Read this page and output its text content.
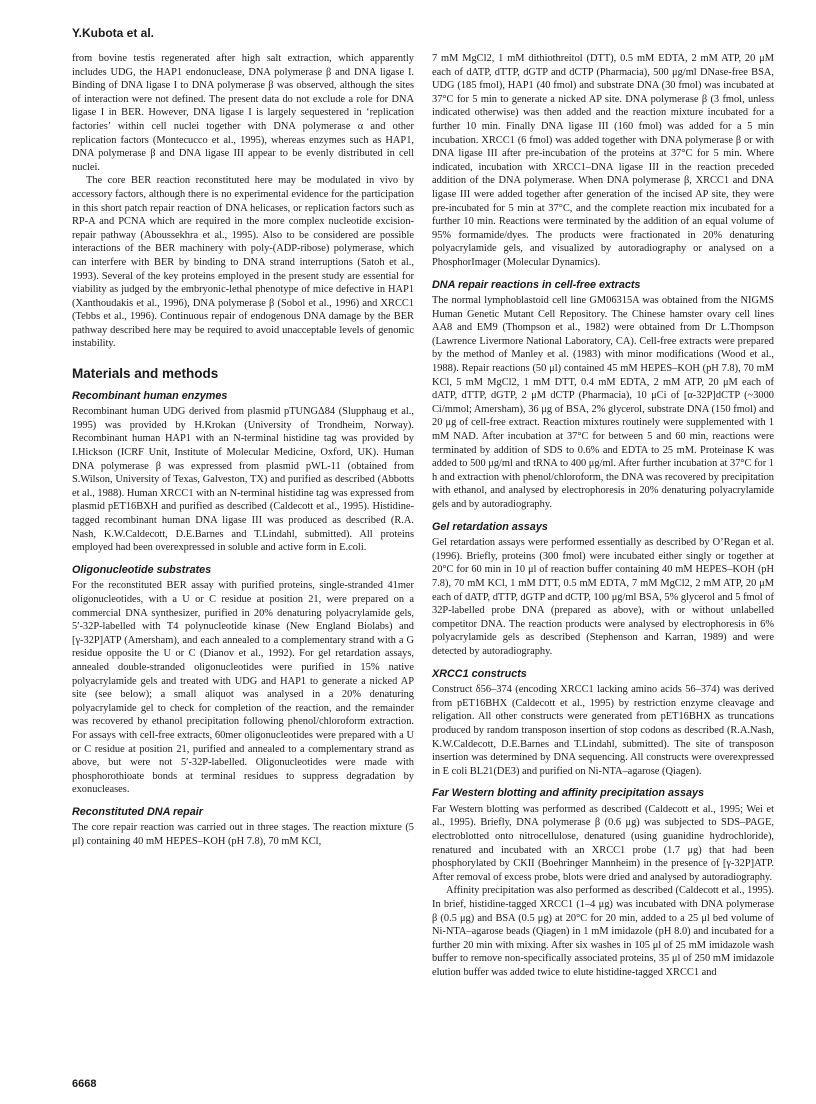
Y.Kubota et al.

from bovine testis regenerated after high salt extraction, which apparently includes UDG, the HAP1 endonuclease, DNA polymerase β and DNA ligase I. Binding of DNA ligase I to DNA polymerase β was observed, although the sites of interaction were not defined. The present data do not exclude a role for DNA ligase I in BER. However, DNA ligase I is largely sequestered in ‘replication factories’ within cell nuclei together with DNA polymerase α and other replication factors (Montecucco et al., 1995), whereas enzymes such as HAP1, DNA polymerase β and DNA ligase III appear to be evenly distributed in cell nuclei.

The core BER reaction reconstituted here may be modulated in vivo by accessory factors, although there is no experimental evidence for the participation in this short patch repair reaction of DNA helicases, or replication factors such as RP-A and PCNA which are required in the more complex nucleotide excision-repair pathway (Aboussekhra et al., 1995). Also to be considered are possible interactions of the BER machinery with poly-(ADP-ribose) polymerase, which can interfere with BER by binding to DNA strand interruptions (Satoh et al., 1993). Several of the key proteins employed in the present study are essential for viability as judged by the embryonic-lethal phenotype of mice defective in HAP1 (Xanthoudakis et al., 1996), DNA polymerase β (Sobol et al., 1996) and XRCC1 (Tebbs et al., 1996). Continuous repair of endogenous DNA damage by the BER pathway described here may be required to avoid unacceptable levels of genomic instability.

Materials and methods
Recombinant human enzymes

Recombinant human UDG derived from plasmid pTUNGΔ84 (Slupphaug et al., 1995) was provided by H.Krokan (University of Trondheim, Norway). Recombinant human HAP1 with an N-terminal histidine tag was provided by I.Hickson (ICRF Unit, Institute of Molecular Medicine, Oxford, UK). Human DNA polymerase β was expressed from plasmid pWL-11 (obtained from S.Wilson, University of Texas, Galveston, TX) and purified as described (Abbotts et al., 1988). Human XRCC1 with an N-terminal histidine tag was expressed from plasmid pET16BXH and purified as described (Caldecott et al., 1995). Histidine-tagged recombinant human DNA ligase III was produced as described (R.A. Nash, K.W.Caldecott, D.E.Barnes and T.Lindahl, submitted). All proteins employed had been overexpressed in soluble and active form in E.coli.

Oligonucleotide substrates

For the reconstituted BER assay with purified proteins, single-stranded 41mer oligonucleotides, with a U or C residue at position 21, were prepared on a commercial DNA synthesizer, purified in 20% denaturing polyacrylamide gels, 5′-32P-labelled with T4 polynucleotide kinase (New England Biolabs) and [γ-32P]ATP (Amersham), and each annealed to a complementary strand with a G residue opposite the U or C (Dianov et al., 1992). For gel retardation assays, annealed double-stranded oligonucleotides were purified in 15% native polyacrylamide gels and treated with UDG and HAP1 to generate a nicked AP site (see below); a small aliquot was analysed in a 20% denaturing polyacrylamide gel to check for completion of the reaction, and the remainder was recovered by ethanol precipitation following phenol/chloroform extraction. For assays with cell-free extracts, 60mer oligonucleotides were prepared with a U or C residue at position 21, purified and annealed to a complementary strand as above, but were not 5′-32P-labelled. Oligonucleotides were made with phosphorothioate bonds at terminal residues to suppress degradation by exonucleases.

Reconstituted DNA repair

The core repair reaction was carried out in three stages. The reaction mixture (5 μl) containing 40 mM HEPES–KOH (pH 7.8), 70 mM KCl,

7 mM MgCl2, 1 mM dithiothreitol (DTT), 0.5 mM EDTA, 2 mM ATP, 20 μM each of dATP, dTTP, dGTP and dCTP (Pharmacia), 500 μg/ml DNase-free BSA, UDG (185 fmol), HAP1 (40 fmol) and substrate DNA (30 fmol) was incubated at 37°C for 5 min to generate a nicked AP site. DNA polymerase β (3 fmol, unless indicated otherwise) was then added and the reaction mixture incubated for a further 10 min. Finally DNA ligase III (160 fmol) was added for a 5 min incubation. XRCC1 (6 fmol) was added together with DNA polymerase β or with DNA ligase III after pre-incubation of the proteins at 37°C for 5 min. Where indicated, incubation with XRCC1–DNA ligase III in the reaction preceded addition of the DNA polymerase. When DNA polymerase β, XRCC1 and DNA ligase III were added together after generation of the incised AP site, they were pre-incubated for 5 min at 37°C, and the complete reaction mix incubated for a further 10 min. Reactions were terminated by the addition of an equal volume of 95% formamide/dyes. The products were fractionated in 20% denaturing polyacrylamide gels, and visualized by autoradiography or analysed on a PhosphorImager (Molecular Dynamics).

DNA repair reactions in cell-free extracts

The normal lymphoblastoid cell line GM06315A was obtained from the NIGMS Human Genetic Mutant Cell Repository. The Chinese hamster ovary cell lines AA8 and EM9 (Thompson et al., 1982) were obtained from Dr L.Thompson (Lawrence Livermore National Laboratory, CA). Cell-free extracts were prepared by the method of Manley et al. (1983) with minor modifications (Wood et al., 1988). Repair reactions (50 μl) contained 45 mM HEPES–KOH (pH 7.8), 70 mM KCl, 5 mM MgCl2, 1 mM DTT, 0.4 mM EDTA, 2 mM ATP, 20 μM each of dATP, dTTP, dGTP, 2 μM dCTP (Pharmacia), 10 μCi of [α-32P]dCTP (~3000 Ci/mmol; Amersham), 36 μg of BSA, 2% glycerol, substrate DNA (150 fmol) and 20 μg of cell-free extract. Reaction mixtures routinely were supplemented with 1 mM NAD. After incubation at 37°C for between 5 and 60 min, reactions were terminated by addition of SDS to 0.6% and EDTA to 25 mM. Proteinase K was added to 500 μg/ml and tRNA to 400 μg/ml. After further incubation at 37°C for 1 h and extraction with phenol/chloroform, the DNA was recovered by precipitation with ethanol, and analysed by electrophoresis in 20% denaturing polyacrylamide gels and by autoradiography.

Gel retardation assays

Gel retardation assays were performed essentially as described by O’Regan et al. (1996). Briefly, proteins (300 fmol) were incubated either singly or together at 20°C for 60 min in 10 μl of reaction buffer containing 40 mM HEPES–KOH (pH 7.8), 70 mM KCl, 1 mM DTT, 0.5 mM EDTA, 7 mM MgCl2, 2 mM ATP, 20 μM each of dATP, dTTP, dGTP and dCTP, 100 μg/ml BSA, 5% glycerol and 5 fmol of 32P-labelled probe DNA (prepared as above), with or without unlabelled competitor DNA. The reaction products were analysed by electrophoresis in 6% polyacrylamide gels as described (Stephenson and Karran, 1989) and were detected by autoradiography.

XRCC1 constructs

Construct δ56–374 (encoding XRCC1 lacking amino acids 56–374) was derived from pET16BHX (Caldecott et al., 1995) by restriction enzyme cleavage and religation. All other constructs were generated from pET16BHX as truncations produced by random transposon insertion of stop codons as described (R.A.Nash, K.W.Caldecott, D.E.Barnes and T.Lindahl, submitted). The site of transposon insertion was determined by DNA sequencing. All constructs were overexpressed in E coli BL21(DE3) and purified on Ni-NTA–agarose (Qiagen).

Far Western blotting and affinity precipitation assays

Far Western blotting was performed as described (Caldecott et al., 1995; Wei et al., 1995). Briefly, DNA polymerase β (0.6 μg) was subjected to SDS–PAGE, electroblotted onto nitrocellulose, denatured (using guanidine hydrochloride), renatured and incubated with an XRCC1 probe (1.7 μg) that had been phosphorylated by CKII (Boehringer Mannheim) in the presence of [γ-32P]ATP. After removal of excess probe, blots were dried and analysed by autoradiography.

Affinity precipitation was also performed as described (Caldecott et al., 1995). In brief, histidine-tagged XRCC1 (1–4 μg) was incubated with DNA polymerase β (0.5 μg) and BSA (0.5 μg) at 20°C for 20 min, added to a 25 μl bed volume of Ni-NTA–agarose beads (Qiagen) in 1 mM imidazole (pH 8.0) and incubated for a further 20 min with mixing. After six washes in 105 μl of 25 mM imidazole wash buffer to remove non-specifically associated proteins, 35 μl of 250 mM imidazole elution buffer was added twice to elute histidine-tagged XRCC1 and

6668
